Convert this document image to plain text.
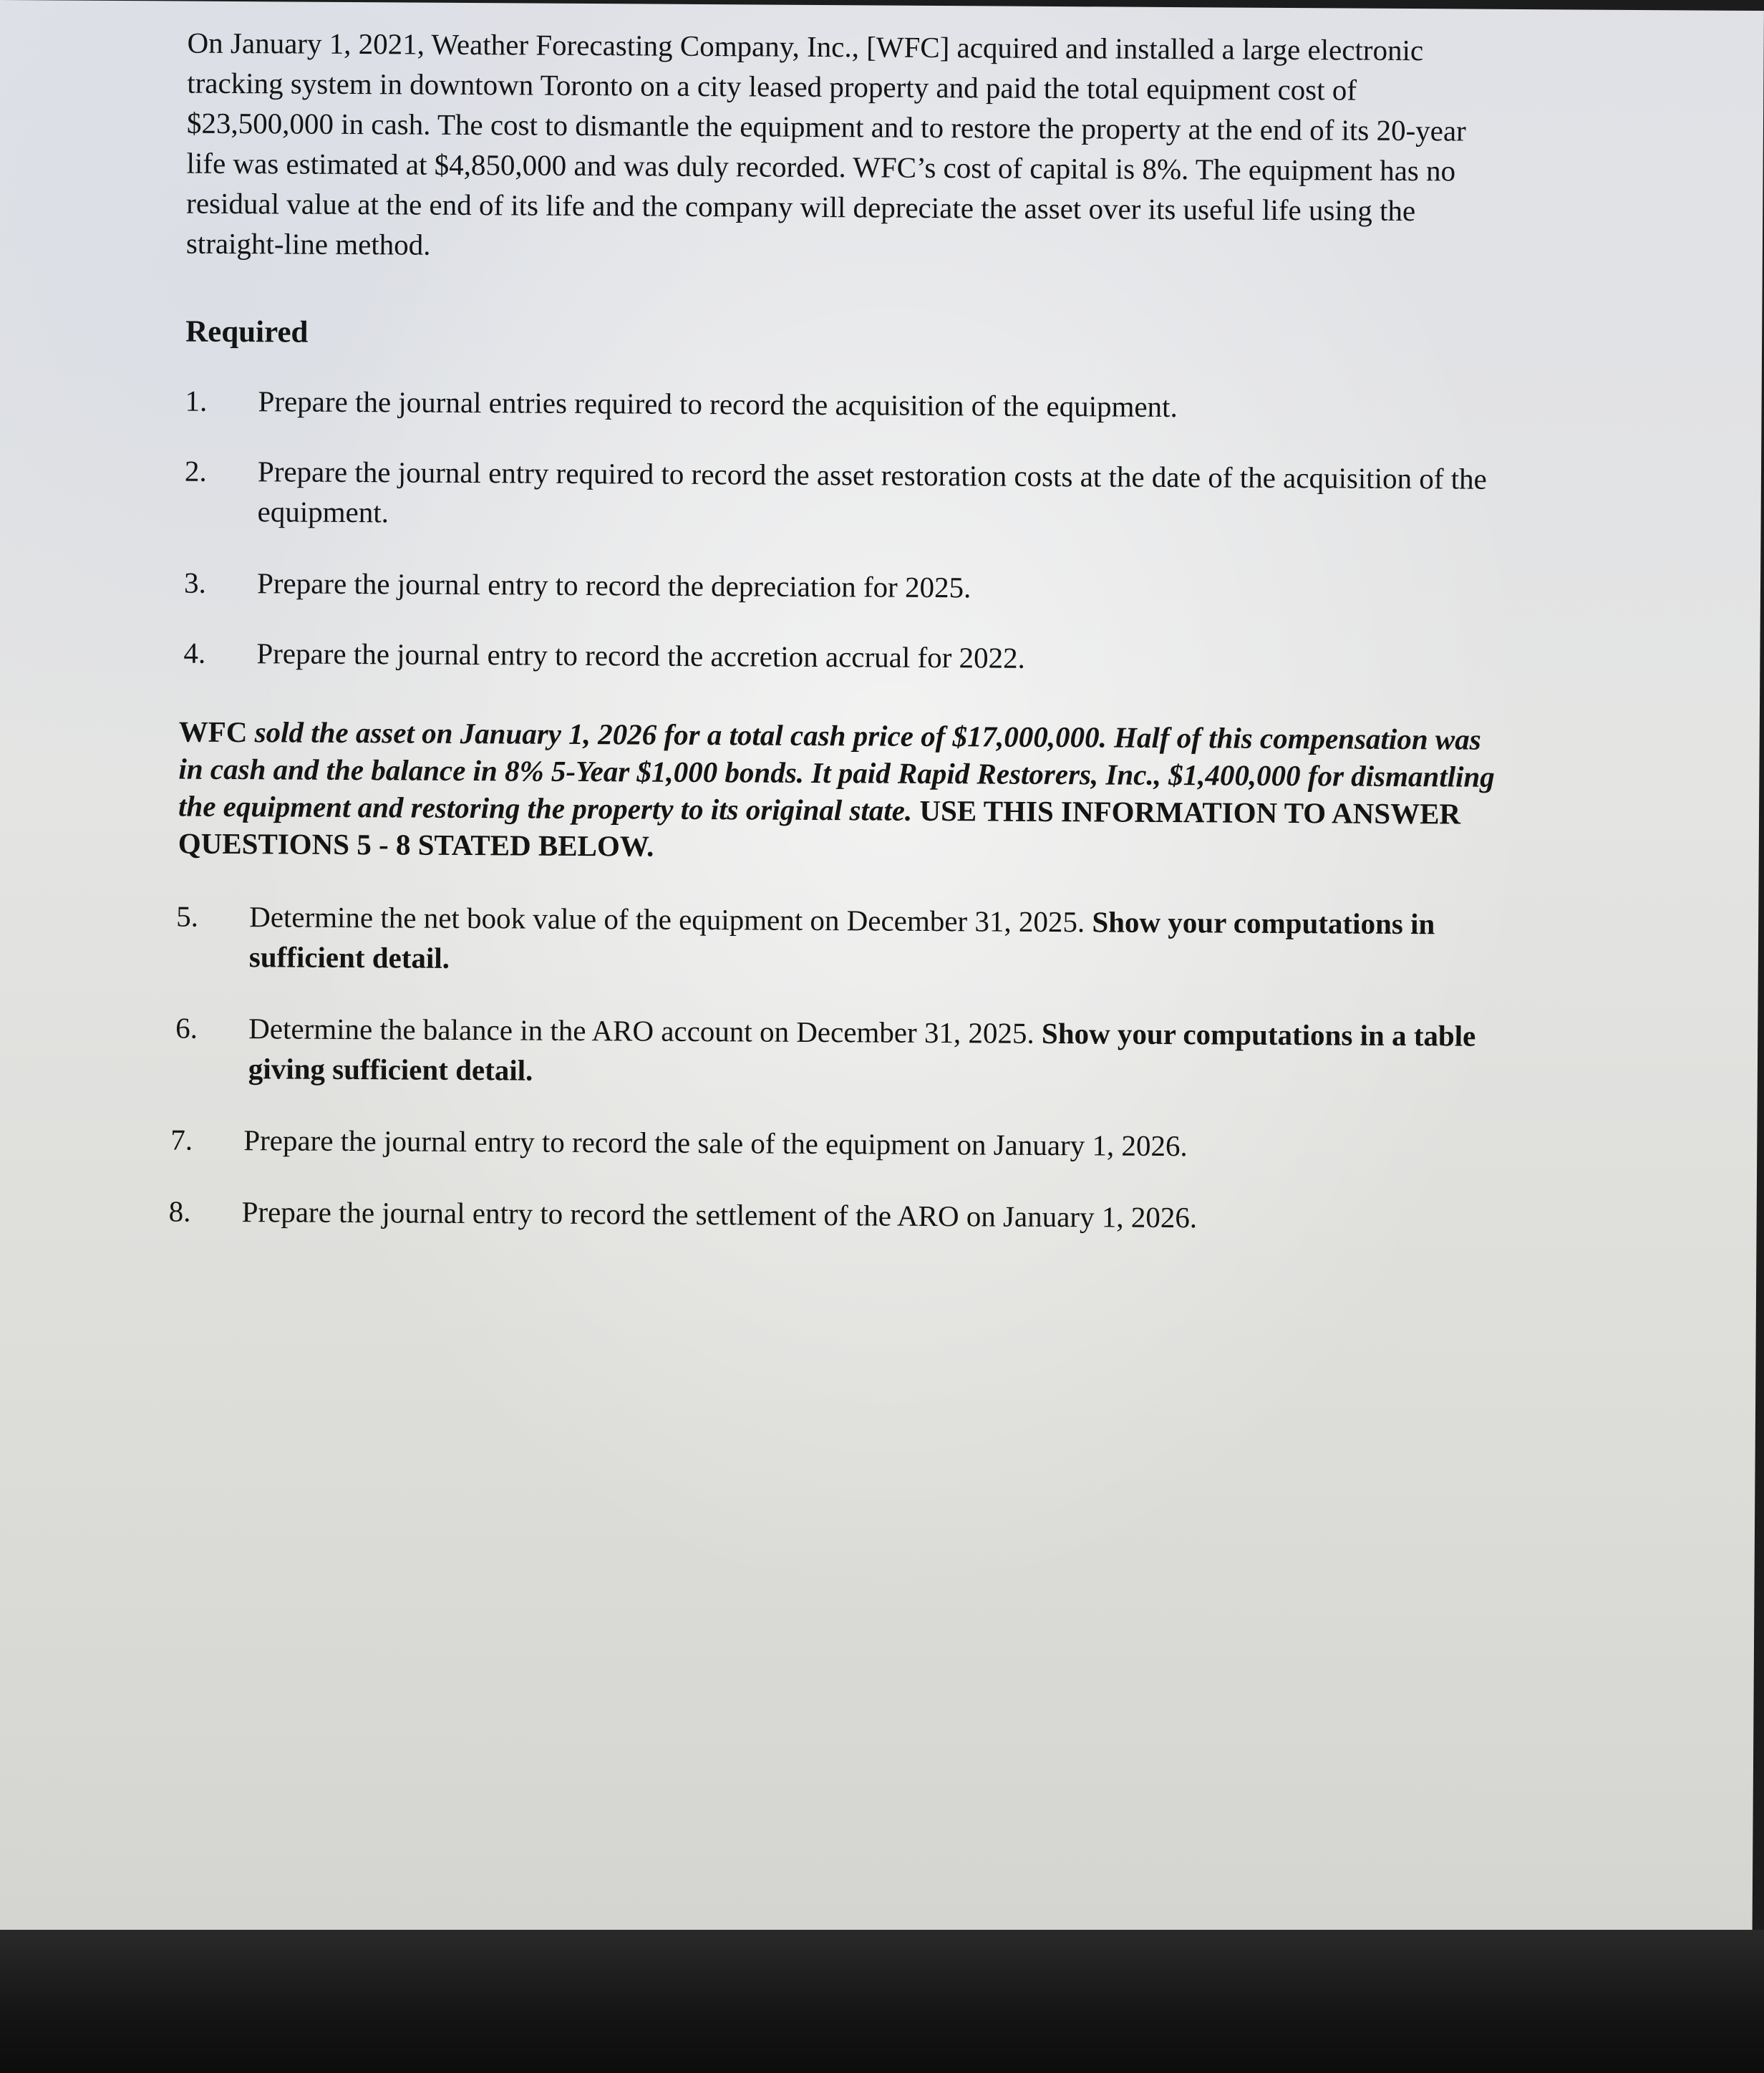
On January 1, 2021, Weather Forecasting Company, Inc., [WFC] acquired and installed a large electronic tracking system in downtown Toronto on a city leased property and paid the total equipment cost of $23,500,000 in cash. The cost to dismantle the equipment and to restore the property at the end of its 20-year life was estimated at $4,850,000 and was duly recorded. WFC’s cost of capital is 8%. The equipment has no residual value at the end of its life and the company will depreciate the asset over its useful life using the straight-line method.

Required
1.	Prepare the journal entries required to record the acquisition of the equipment.
2.	Prepare the journal entry required to record the asset restoration costs at the date of the acquisition of the equipment.
3.	Prepare the journal entry to record the depreciation for 2025.
4.	Prepare the journal entry to record the accretion accrual for 2022.

WFC sold the asset on January 1, 2026 for a total cash price of $17,000,000. Half of this compensation was in cash and the balance in 8% 5-Year $1,000 bonds. It paid Rapid Restorers, Inc., $1,400,000 for dismantling the equipment and restoring the property to its original state. USE THIS INFORMATION TO ANSWER QUESTIONS 5 - 8 STATED BELOW.

5.	Determine the net book value of the equipment on December 31, 2025. Show your computations in sufficient detail.
6.	Determine the balance in the ARO account on December 31, 2025. Show your computations in a table giving sufficient detail.
7.	Prepare the journal entry to record the sale of the equipment on January 1, 2026.
8.	Prepare the journal entry to record the settlement of the ARO on January 1, 2026.
